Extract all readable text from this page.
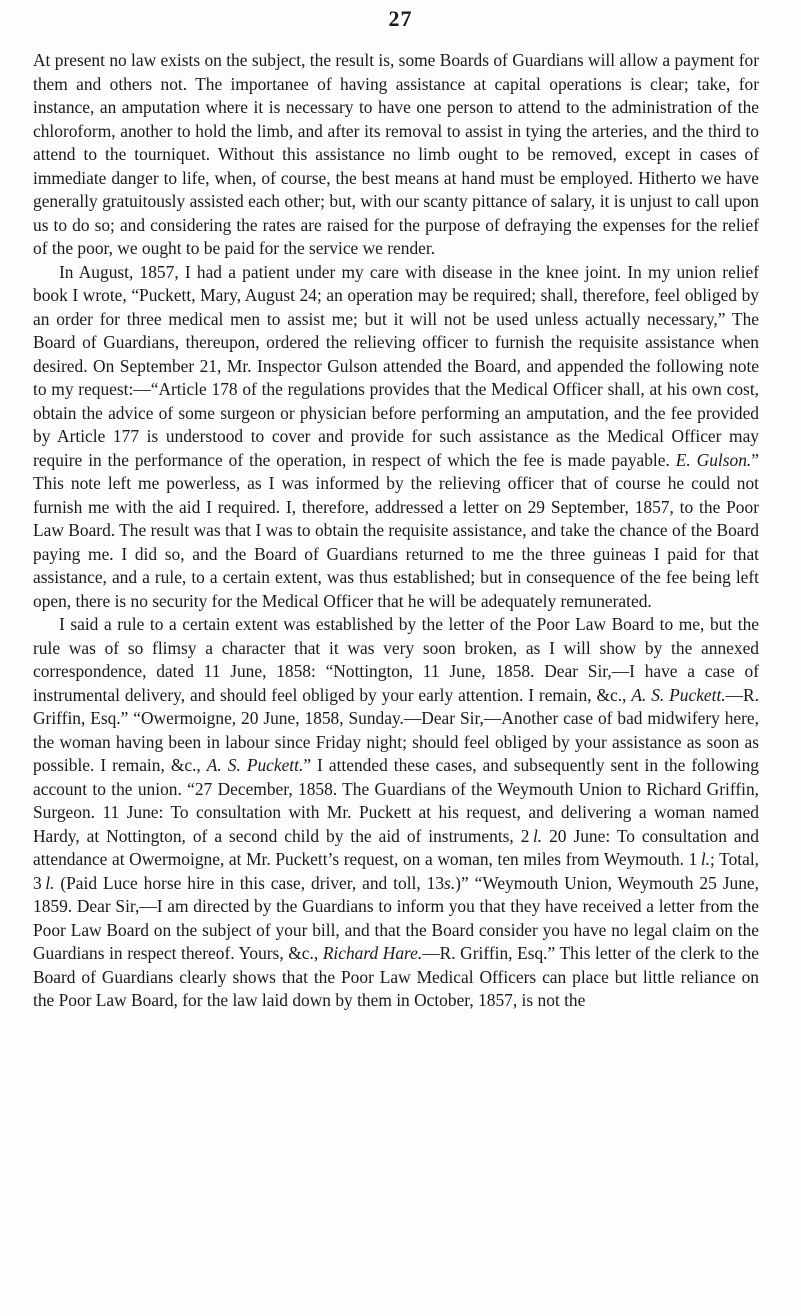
27

At present no law exists on the subject, the result is, some Boards of Guardians will allow a payment for them and others not. The importanee of having assistance at capital operations is clear; take, for instance, an amputation where it is necessary to have one person to attend to the administration of the chloroform, another to hold the limb, and after its removal to assist in tying the arteries, and the third to attend to the tourniquet. Without this assistance no limb ought to be removed, except in cases of immediate danger to life, when, of course, the best means at hand must be employed. Hitherto we have generally gratuitously assisted each other; but, with our scanty pittance of salary, it is unjust to call upon us to do so; and considering the rates are raised for the purpose of defraying the expenses for the relief of the poor, we ought to be paid for the service we render.

In August, 1857, I had a patient under my care with disease in the knee joint. In my union relief book I wrote, “Puckett, Mary, August 24; an operation may be required; shall, therefore, feel obliged by an order for three medical men to assist me; but it will not be used unless actually necessary,” The Board of Guardians, thereupon, ordered the relieving officer to furnish the requisite assistance when desired. On September 21, Mr. Inspector Gulson attended the Board, and appended the following note to my request:—“Article 178 of the regulations provides that the Medical Officer shall, at his own cost, obtain the advice of some surgeon or physician before performing an amputation, and the fee provided by Article 177 is understood to cover and provide for such assistance as the Medical Officer may require in the performance of the operation, in respect of which the fee is made payable. E. Gulson.” This note left me powerless, as I was informed by the relieving officer that of course he could not furnish me with the aid I required. I, therefore, addressed a letter on 29 September, 1857, to the Poor Law Board. The result was that I was to obtain the requisite assistance, and take the chance of the Board paying me. I did so, and the Board of Guardians returned to me the three guineas I paid for that assistance, and a rule, to a certain extent, was thus established; but in consequence of the fee being left open, there is no security for the Medical Officer that he will be adequately remunerated.

I said a rule to a certain extent was established by the letter of the Poor Law Board to me, but the rule was of so flimsy a character that it was very soon broken, as I will show by the annexed correspondence, dated 11 June, 1858: “Nottington, 11 June, 1858. Dear Sir,—I have a case of instrumental delivery, and should feel obliged by your early attention. I remain, &c., A. S. Puckett.—R. Griffin, Esq.” “Owermoigne, 20 June, 1858, Sunday.—Dear Sir,—Another case of bad midwifery here, the woman having been in labour since Friday night; should feel obliged by your assistance as soon as possible. I remain, &c., A. S. Puckett.” I attended these cases, and subsequently sent in the following account to the union. “27 December, 1858. The Guardians of the Weymouth Union to Richard Griffin, Surgeon. 11 June: To consultation with Mr. Puckett at his request, and delivering a woman named Hardy, at Nottington, of a second child by the aid of instruments, 2 l. 20 June: To consultation and attendance at Owermoigne, at Mr. Puckett’s request, on a woman, ten miles from Weymouth. 1 l.; Total, 3 l. (Paid Luce horse hire in this case, driver, and toll, 13s.)” “Weymouth Union, Weymouth 25 June, 1859. Dear Sir,—I am directed by the Guardians to inform you that they have received a letter from the Poor Law Board on the subject of your bill, and that the Board consider you have no legal claim on the Guardians in respect thereof. Yours, &c., Richard Hare.—R. Griffin, Esq.” This letter of the clerk to the Board of Guardians clearly shows that the Poor Law Medical Officers can place but little reliance on the Poor Law Board, for the law laid down by them in October, 1857, is not the
